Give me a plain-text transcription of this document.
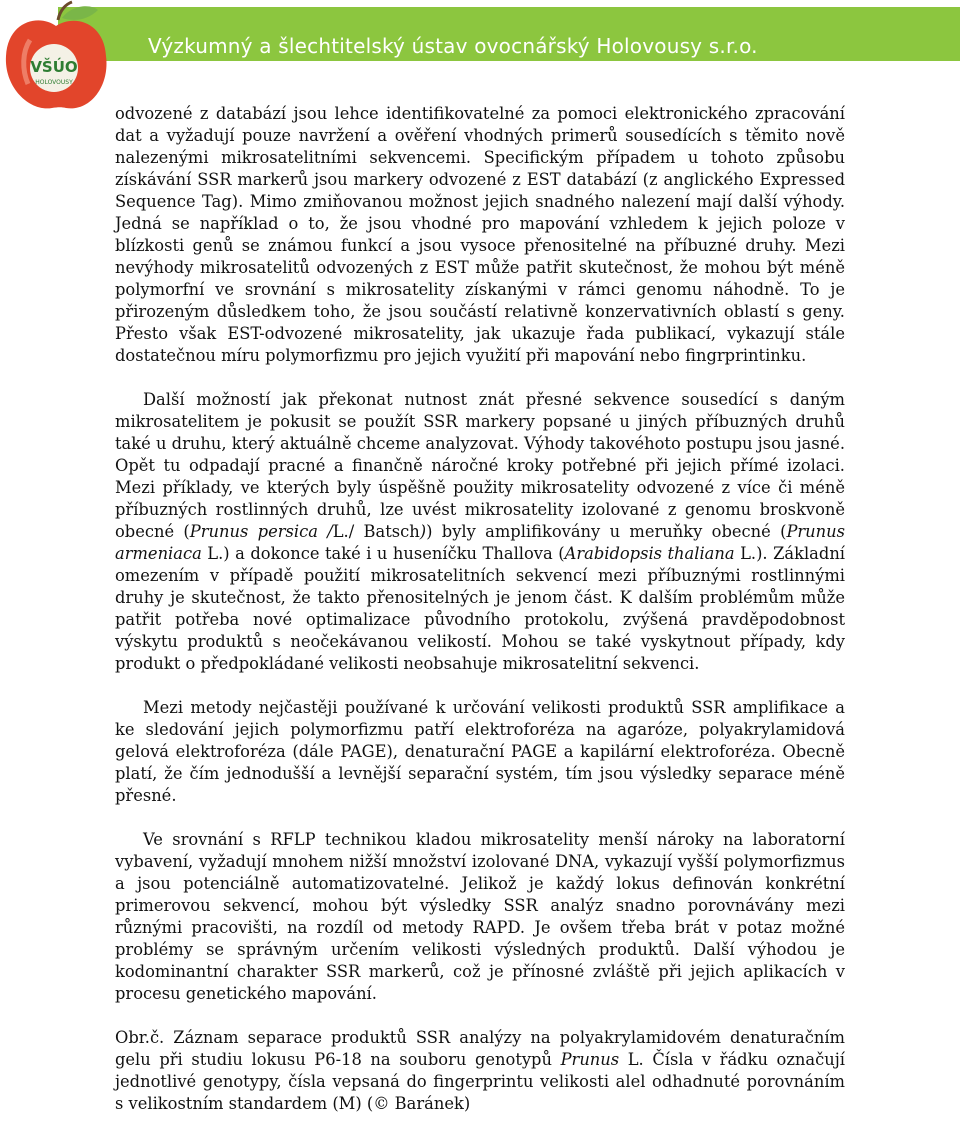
Výzkumný a šlechtitelský ústav ovocnářský Holovousy s.r.o.
VŠÚO
HOLOVOUSY

odvozené z databází jsou lehce identifikovatelné za pomoci elektronického zpracování dat a vyžadují pouze navržení a ověření vhodných primerů sousedících s těmito nově nalezenými mikrosatelitními sekvencemi. Specifickým případem u tohoto způsobu získávání SSR markerů jsou markery odvozené z EST databází (z anglického Expressed Sequence Tag). Mimo zmiňovanou možnost jejich snadného nalezení mají další výhody. Jedná se například o to, že jsou vhodné pro mapování vzhledem k jejich poloze v blízkosti genů se známou funkcí a jsou vysoce přenositelné na příbuzné druhy. Mezi nevýhody mikrosatelitů odvozených z EST může patřit skutečnost, že mohou být méně polymorfní ve srovnání s mikrosatelity získanými v rámci genomu náhodně. To je přirozeným důsledkem toho, že jsou součástí relativně konzervativních oblastí s geny. Přesto však EST-odvozené mikrosatelity, jak ukazuje řada publikací, vykazují stále dostatečnou míru polymorfizmu pro jejich využití při mapování nebo fingrprintinku.

Další možností jak překonat nutnost znát přesné sekvence sousedící s daným mikrosatelitem je pokusit se použít SSR markery popsané u jiných příbuzných druhů také u druhu, který aktuálně chceme analyzovat. Výhody takovéhoto postupu jsou jasné. Opět tu odpadají pracné a finančně náročné kroky potřebné při jejich přímé izolaci. Mezi příklady, ve kterých byly úspěšně použity mikrosatelity odvozené z více či méně příbuzných rostlinných druhů, lze uvést mikrosatelity izolované z genomu broskvoně obecné (Prunus persica /L./ Batsch)) byly amplifikovány u meruňky obecné (Prunus armeniaca L.) a dokonce také i u huseníčku Thallova (Arabidopsis thaliana L.). Základní omezením v případě použití mikrosatelitních sekvencí mezi příbuznými rostlinnými druhy je skutečnost, že takto přenositelných je jenom část. K dalším problémům může patřit potřeba nové optimalizace původního protokolu, zvýšená pravděpodobnost výskytu produktů s neočekávanou velikostí. Mohou se také vyskytnout případy, kdy produkt o předpokládané velikosti neobsahuje mikrosatelitní sekvenci.

Mezi metody nejčastěji používané k určování velikosti produktů SSR amplifikace a ke sledování jejich polymorfizmu patří elektroforéza na agaróze, polyakrylamidová gelová elektroforéza (dále PAGE), denaturační PAGE a kapilární elektroforéza. Obecně platí, že čím jednodušší a levnější separační systém, tím jsou výsledky separace méně přesné.

Ve srovnání s RFLP technikou kladou mikrosatelity menší nároky na laboratorní vybavení, vyžadují mnohem nižší množství izolované DNA, vykazují vyšší polymorfizmus a jsou potenciálně automatizovatelné. Jelikož je každý lokus definován konkrétní primerovou sekvencí, mohou být výsledky SSR analýz snadno porovnávány mezi různými pracovišti, na rozdíl od metody RAPD. Je ovšem třeba brát v potaz možné problémy se správným určením velikosti výsledných produktů. Další výhodou je kodominantní charakter SSR markerů, což je přínosné zvláště při jejich aplikacích v procesu genetického mapování.

Obr.č. Záznam separace produktů SSR analýzy na polyakrylamidovém denaturačním gelu při studiu lokusu P6-18 na souboru genotypů Prunus L. Čísla v řádku označují jednotlivé genotypy, čísla vepsaná do fingerprintu velikosti alel odhadnuté porovnáním s velikostním standardem (M) (© Baránek)
